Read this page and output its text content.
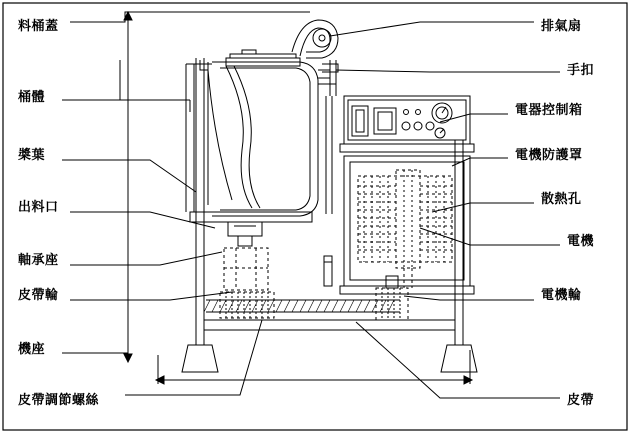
料桶蓋
桶體
槳葉
出料口
軸承座
皮帶輪
機座
皮帶調節螺絲
排氣扇
手扣
電器控制箱
電機防護罩
散熱孔
電機
電機輪
皮帶
